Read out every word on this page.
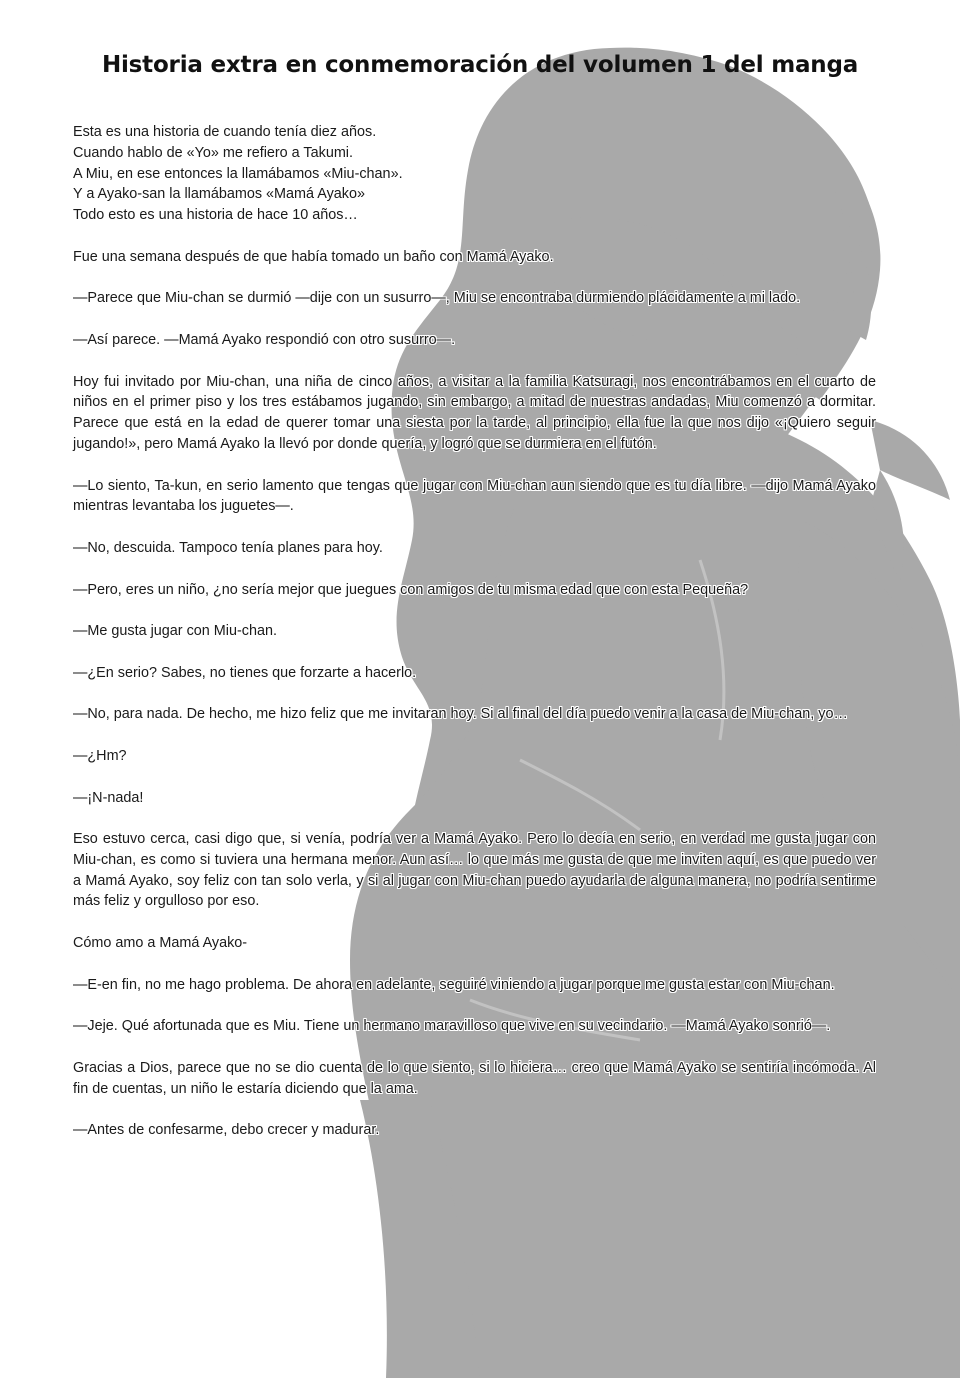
Historia extra en conmemoración del volumen 1 del manga

Esta es una historia de cuando tenía diez años.
Cuando hablo de «Yo» me refiero a Takumi.
A Miu, en ese entonces la llamábamos «Miu-chan».
Y a Ayako-san la llamábamos «Mamá Ayako»
Todo esto es una historia de hace 10 años…

Fue una semana después de que había tomado un baño con Mamá Ayako.

—Parece que Miu-chan se durmió —dije con un susurro—, Miu se encontraba durmiendo plácidamente a mi lado.

—Así parece. —Mamá Ayako respondió con otro susurro—.

Hoy fui invitado por Miu-chan, una niña de cinco años, a visitar a la familia Katsuragi, nos encontrábamos en el cuarto de niños en el primer piso y los tres estábamos jugando, sin embargo, a mitad de nuestras andadas, Miu comenzó a dormitar. Parece que está en la edad de querer tomar una siesta por la tarde, al principio, ella fue la que nos dijo «¡Quiero seguir jugando!», pero Mamá Ayako la llevó por donde quería, y logró que se durmiera en el futón.

—Lo siento, Ta-kun, en serio lamento que tengas que jugar con Miu-chan aun siendo que es tu día libre. —dijo Mamá Ayako mientras levantaba los juguetes—.

—No, descuida. Tampoco tenía planes para hoy.

—Pero, eres un niño, ¿no sería mejor que juegues con amigos de tu misma edad que con esta Pequeña?

—Me gusta jugar con Miu-chan.

—¿En serio? Sabes, no tienes que forzarte a hacerlo.

—No, para nada. De hecho, me hizo feliz que me invitaran hoy. Si al final del día puedo venir a la casa de Miu-chan, yo…

—¿Hm?

—¡N-nada!

Eso estuvo cerca, casi digo que, si venía, podría ver a Mamá Ayako. Pero lo decía en serio, en verdad me gusta jugar con Miu-chan, es como si tuviera una hermana menor. Aun así… lo que más me gusta de que me inviten aquí, es que puedo ver a Mamá Ayako, soy feliz con tan solo verla, y si al jugar con Miu-chan puedo ayudarla de alguna manera, no podría sentirme más feliz y orgulloso por eso.

Cómo amo a Mamá Ayako-

—E-en fin, no me hago problema. De ahora en adelante, seguiré viniendo a jugar porque me gusta estar con Miu-chan.

—Jeje. Qué afortunada que es Miu. Tiene un hermano maravilloso que vive en su vecindario. —Mamá Ayako sonrió—.

Gracias a Dios, parece que no se dio cuenta de lo que siento, si lo hiciera… creo que Mamá Ayako se sentiría incómoda. Al fin de cuentas, un niño le estaría diciendo que la ama.

—Antes de confesarme, debo crecer y madurar.
